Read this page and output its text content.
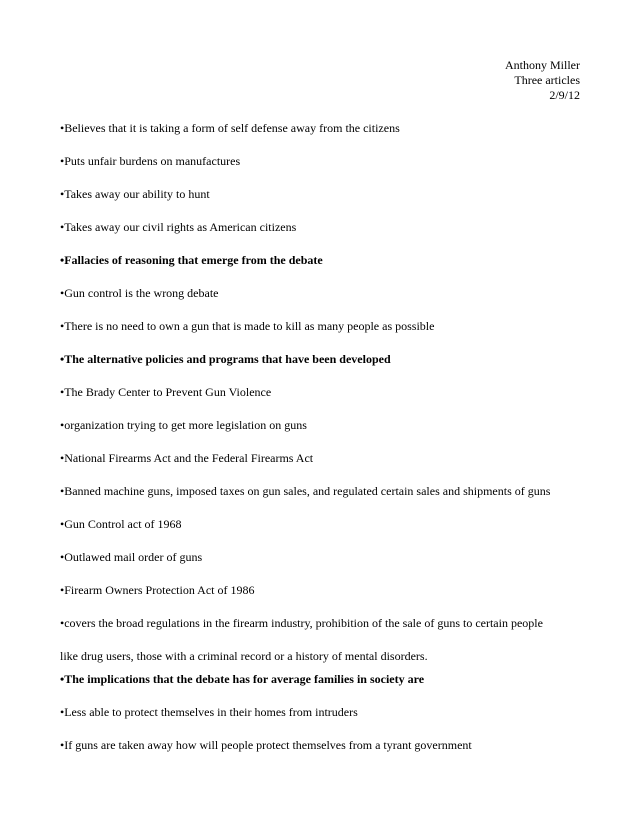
Anthony Miller
Three articles
2/9/12
•Believes that it is taking a form of self defense away from the citizens
•Puts unfair burdens on manufactures
•Takes away our ability to hunt
•Takes away our civil rights as American citizens
•Fallacies of reasoning that emerge from the debate
•Gun control is the wrong debate
•There is no need to own a gun that is made to kill as many people as possible
•The alternative policies and programs that have been developed
•The Brady Center to Prevent Gun Violence
•organization trying to get more legislation on guns
•National Firearms Act and the Federal Firearms Act
•Banned machine guns, imposed taxes on gun sales, and regulated certain sales and shipments of guns
•Gun Control act of 1968
•Outlawed mail order of guns
•Firearm Owners Protection Act of 1986
•covers the broad regulations in the firearm industry, prohibition of the sale of guns to certain people
like drug users, those with a criminal record or a history of mental disorders.
•The implications that the debate has for average families in society are
•Less able to protect themselves in their homes from intruders
•If guns are taken away how will people protect themselves from a tyrant government
